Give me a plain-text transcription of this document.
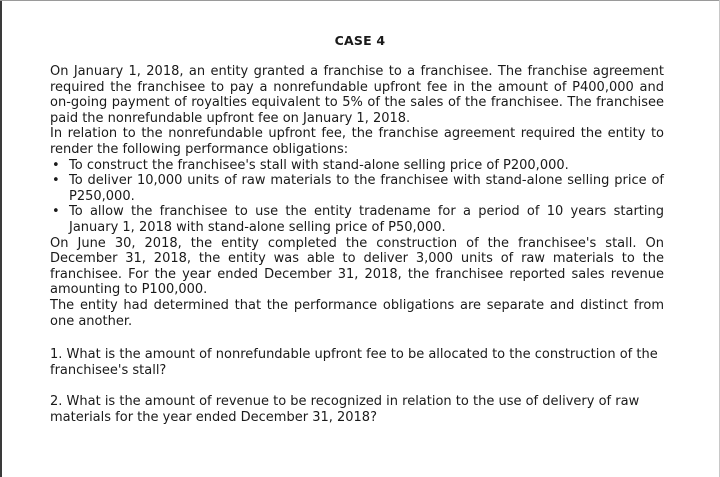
CASE 4

On January 1, 2018, an entity granted a franchise to a franchisee. The franchise agreement required the franchisee to pay a nonrefundable upfront fee in the amount of P400,000 and on-going payment of royalties equivalent to 5% of the sales of the franchisee. The franchisee paid the nonrefundable upfront fee on January 1, 2018.

In relation to the nonrefundable upfront fee, the franchise agreement required the entity to render the following performance obligations:

• To construct the franchisee's stall with stand-alone selling price of P200,000.
• To deliver 10,000 units of raw materials to the franchisee with stand-alone selling price of P250,000.
• To allow the franchisee to use the entity tradename for a period of 10 years starting January 1, 2018 with stand-alone selling price of P50,000.

On June 30, 2018, the entity completed the construction of the franchisee's stall. On December 31, 2018, the entity was able to deliver 3,000 units of raw materials to the franchisee. For the year ended December 31, 2018, the franchisee reported sales revenue amounting to P100,000.

The entity had determined that the performance obligations are separate and distinct from one another.

1. What is the amount of nonrefundable upfront fee to be allocated to the construction of the franchisee's stall?

2. What is the amount of revenue to be recognized in relation to the use of delivery of raw materials for the year ended December 31, 2018?
